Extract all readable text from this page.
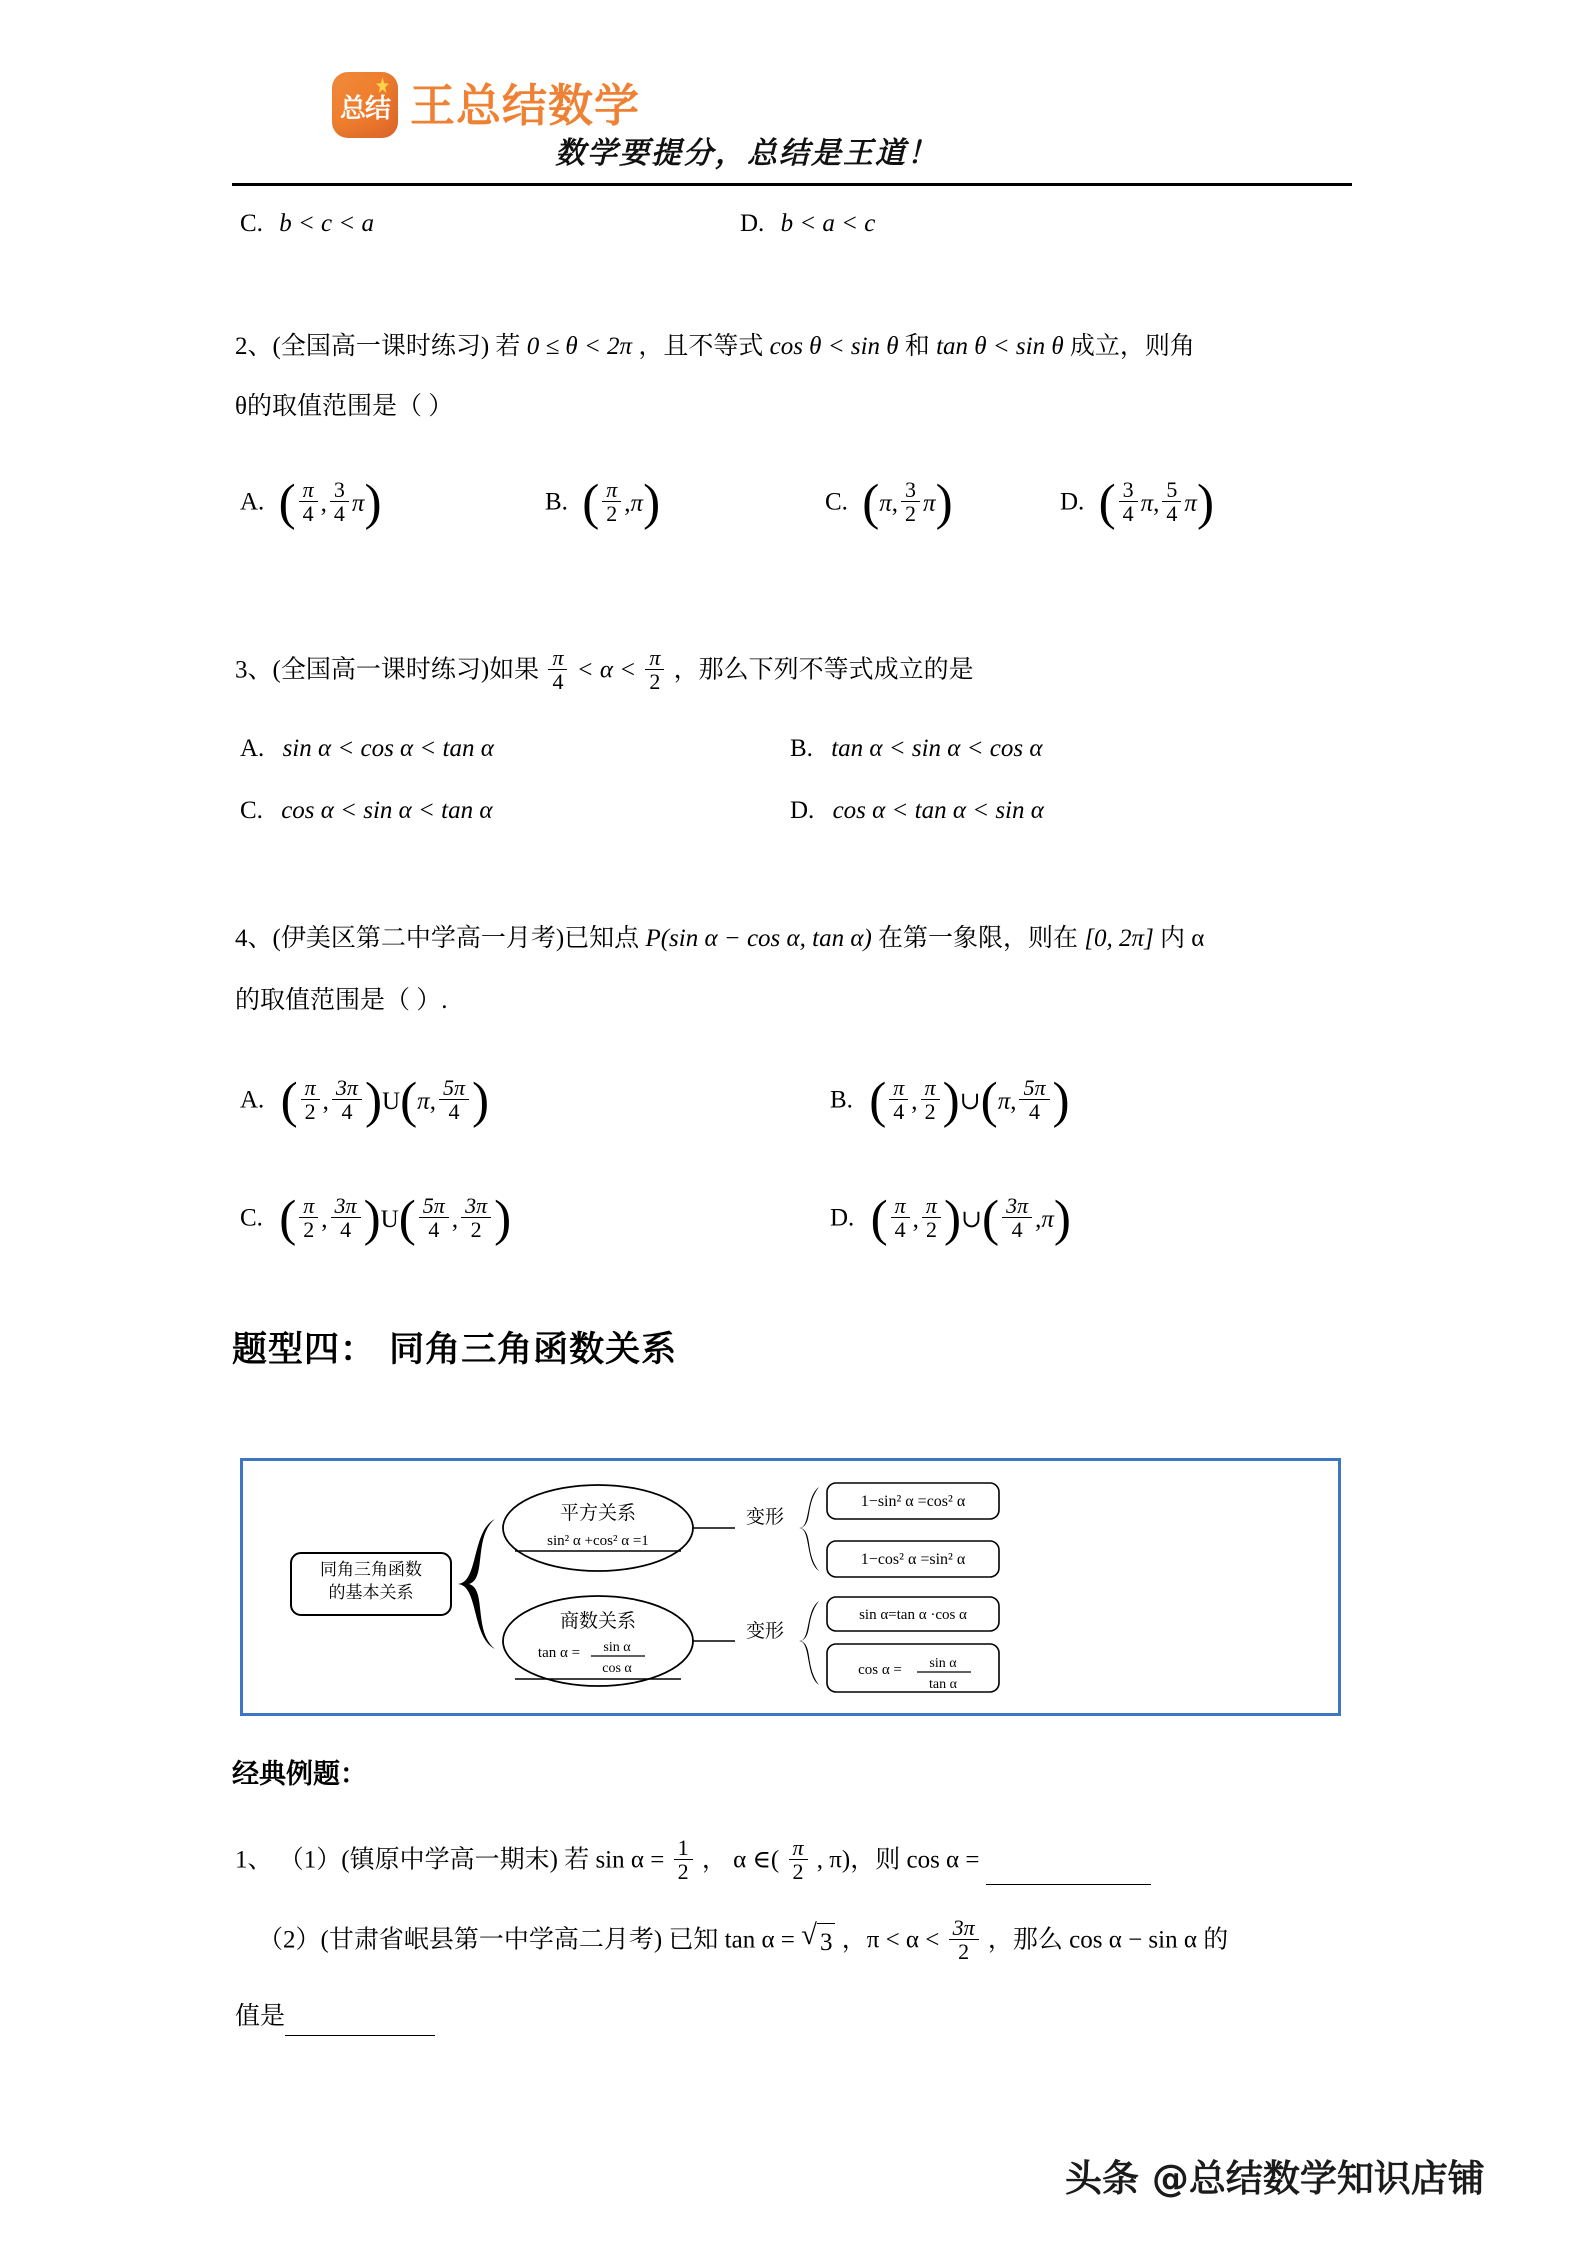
总结 王总结数学
数学要提分，总结是王道！
C. b < c < a	D. b < a < c
2、(全国高一课时练习) 若 0 ≤ θ < 2π ，且不等式 cos θ < sin θ 和 tan θ < sin θ 成立，则角
θ的取值范围是（ ）
A. ( $\frac{\pi}{4}$ , $\frac{3}{4}$ π )	B. ( $\frac{\pi}{2}$ , π )	C. ( π , $\frac{3}{2}$ π )	D. ( $\frac{3}{4}$ π , $\frac{5}{4}$ π )
3、(全国高一课时练习)如果 $\frac{\pi}{4} < \alpha < \frac{\pi}{2}$ ，那么下列不等式成立的是
A. sin α < cos α < tan α	B. tan α < sin α < cos α
C. cos α < sin α < tan α	D. cos α < tan α < sin α
4、(伊美区第二中学高一月考)已知点 P(sin α − cos α, tan α) 在第一象限，则在 [0, 2π] 内 α
的取值范围是（ ）.
A. ( $\frac{\pi}{2}$ , $\frac{3\pi}{4}$ ) U ( π , $\frac{5\pi}{4}$ )	B. ( $\frac{\pi}{4}$ , $\frac{\pi}{2}$ ) ∪ ( π , $\frac{5\pi}{4}$ )
C. ( $\frac{\pi}{2}$ , $\frac{3\pi}{4}$ ) U ( $\frac{5\pi}{4}$ , $\frac{3\pi}{2}$ )	D. ( $\frac{\pi}{4}$ , $\frac{\pi}{2}$ ) ∪ ( $\frac{3\pi}{4}$ , π )
题型四： 同角三角函数关系
同角三角函数
的基本关系
平方关系
sin² α +cos² α =1
商数关系
tan α = sin α
cos α
变形
变形
1−sin² α =cos² α
1−cos² α =sin² α
sin α=tan α ·cos α
cos α = sin α
tan α
经典例题：
1、 （1）(镇原中学高一期末) 若 $\sin \alpha = \frac{1}{2}$ ， α ∈( $\frac{\pi}{2}$ , π)，则 cos α =
（2）(甘肃省岷县第一中学高二月考) 已知 tan α = √ 3 ，$\pi < \alpha < \frac{3\pi}{2}$ ，那么 cos α − sin α 的
值是
头条 @总结数学知识店铺
